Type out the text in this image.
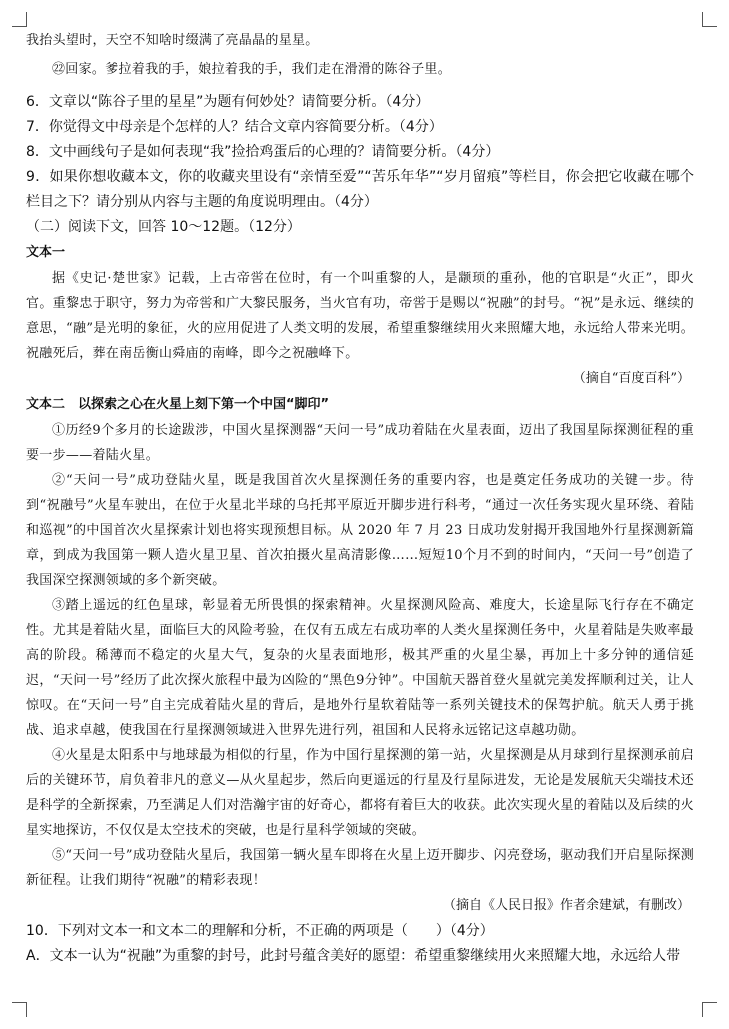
我抬头望时，天空不知啥时缀满了亮晶晶的星星。

㉒回家。爹拉着我的手，娘拉着我的手，我们走在滑滑的陈谷子里。

6．文章以“陈谷子里的星星”为题有何妙处？请简要分析。（4分）

7．你觉得文中母亲是个怎样的人？结合文章内容简要分析。（4分）

8．文中画线句子是如何表现“我”捡拾鸡蛋后的心理的？请简要分析。（4分）

9．如果你想收藏本文，你的收藏夹里设有“亲情至爱”“苦乐年华”“岁月留痕”等栏目，你会把它收藏在哪个栏目之下？请分别从内容与主题的角度说明理由。（4分）

（二）阅读下文，回答 10～12题。（12分）

文本一

据《史记·楚世家》记载，上古帝喾在位时，有一个叫重黎的人，是颛顼的重孙，他的官职是“火正”，即火官。重黎忠于职守，努力为帝喾和广大黎民服务，当火官有功，帝喾于是赐以“祝融”的封号。“祝”是永远、继续的意思，“融”是光明的象征，火的应用促进了人类文明的发展，希望重黎继续用火来照耀大地，永远给人带来光明。祝融死后，葬在南岳衡山舜庙的南峰，即今之祝融峰下。

（摘自“百度百科”）

文本二　以探索之心在火星上刻下第一个中国“脚印”

①历经9个多月的长途跋涉，中国火星探测器“天问一号”成功着陆在火星表面，迈出了我国星际探测征程的重要一步——着陆火星。

②“天问一号”成功登陆火星，既是我国首次火星探测任务的重要内容，也是奠定任务成功的关键一步。待到“祝融号”火星车驶出，在位于火星北半球的乌托邦平原近开脚步进行科考，“通过一次任务实现火星环绕、着陆和巡视”的中国首次火星探索计划也将实现预想目标。从 2020 年 7 月 23 日成功发射揭开我国地外行星探测新篇章，到成为我国第一颗人造火星卫星、首次拍摄火星高清影像……短短10个月不到的时间内，“天问一号”创造了我国深空探测领域的多个新突破。

③踏上遥远的红色星球，彰显着无所畏惧的探索精神。火星探测风险高、难度大，长途星际飞行存在不确定性。尤其是着陆火星，面临巨大的风险考验，在仅有五成左右成功率的人类火星探测任务中，火星着陆是失败率最高的阶段。稀薄而不稳定的火星大气，复杂的火星表面地形，极其严重的火星尘暴，再加上十多分钟的通信延迟，“天问一号”经历了此次探火旅程中最为凶险的“黑色9分钟”。中国航天器首登火星就完美发挥顺利过关，让人惊叹。在“天问一号”自主完成着陆火星的背后，是地外行星软着陆等一系列关键技术的保驾护航。航天人勇于挑战、追求卓越，使我国在行星探测领域进入世界先进行列，祖国和人民将永远铭记这卓越功勋。

④火星是太阳系中与地球最为相似的行星，作为中国行星探测的第一站，火星探测是从月球到行星探测承前启后的关键环节，肩负着非凡的意义—从火星起步，然后向更遥远的行星及行星际进发，无论是发展航天尖端技术还是科学的全新探索，乃至满足人们对浩瀚宇宙的好奇心，都将有着巨大的收获。此次实现火星的着陆以及后续的火星实地探访，不仅仅是太空技术的突破，也是行星科学领域的突破。

⑤“天问一号”成功登陆火星后，我国第一辆火星车即将在火星上迈开脚步、闪亮登场，驱动我们开启星际探测新征程。让我们期待“祝融”的精彩表现！

（摘自《人民日报》作者余建斌，有删改）

10．下列对文本一和文本二的理解和分析，不正确的两项是（　　）（4分）

A．文本一认为“祝融”为重黎的封号，此封号蕴含美好的愿望：希望重黎继续用火来照耀大地，永远给人带
